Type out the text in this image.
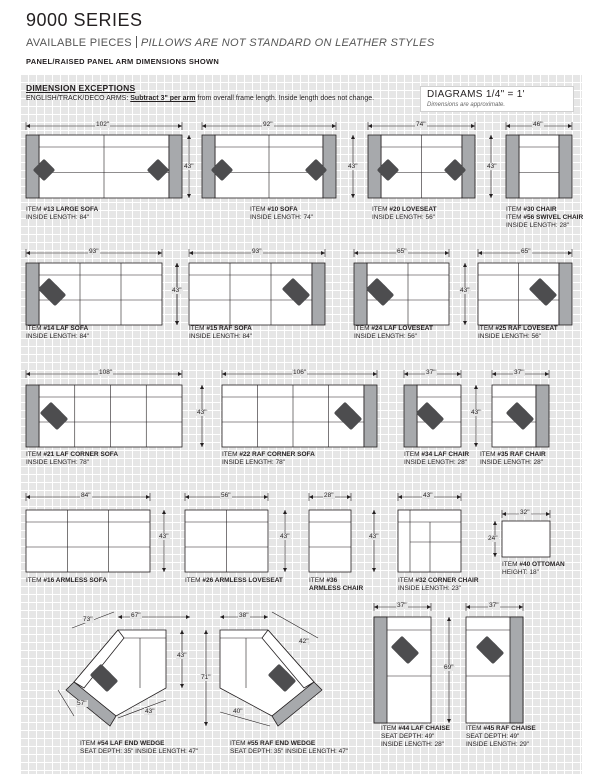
9000 SERIES
AVAILABLE PIECES PILLOWS ARE NOT STANDARD ON LEATHER STYLES
PANEL/RAISED PANEL ARM DIMENSIONS SHOWN
DIMENSION EXCEPTIONS
ENGLISH/TRACK/DECO ARMS: Subtract 3" per arm from overall frame length. Inside length does not change.	DIAGRAMS 1/4" = 1'
Dimensions are approximate.
102"
43"
ITEM #13 LARGE SOFA
INSIDE LENGTH: 84"
92"
43"
ITEM #10 SOFA
INSIDE LENGTH: 74"
74"
43"
ITEM #20 LOVESEAT
INSIDE LENGTH: 56"
46"
ITEM #30 CHAIR
ITEM #56 SWIVEL CHAIR
INSIDE LENGTH: 28"
93"
ITEM #14 LAF SOFA
INSIDE LENGTH: 84"
93"
43"
ITEM #15 RAF SOFA
INSIDE LENGTH: 84"
65"
43"
ITEM #24 LAF LOVESEAT
INSIDE LENGTH: 56"
65"
ITEM #25 RAF LOVESEAT
INSIDE LENGTH: 56"
108"
43"
ITEM #21 LAF CORNER SOFA
INSIDE LENGTH: 78"
106"
ITEM #22 RAF CORNER SOFA
INSIDE LENGTH: 78"
37"
43"
ITEM #34 LAF CHAIR
INSIDE LENGTH: 28"
37"
ITEM #35 RAF CHAIR
INSIDE LENGTH: 28"
84"
43"
ITEM #16 ARMLESS SOFA
56"
43"
ITEM #26 ARMLESS LOVESEAT
28"
43"
ITEM #36
ARMLESS CHAIR
43"
ITEM #32 CORNER CHAIR
INSIDE LENGTH: 23"
32"
24"
ITEM #40 OTTOMAN
HEIGHT: 18"
67"
73"
43"
57"
43"
ITEM #54 LAF END WEDGE
SEAT DEPTH: 35" INSIDE LENGTH: 47"
38"
42"
71"
40"
ITEM #55 RAF END WEDGE
SEAT DEPTH: 35" INSIDE LENGTH: 47"
37"
69"
ITEM #44 LAF CHAISE
SEAT DEPTH: 49"
INSIDE LENGTH: 28"
37"
ITEM #45 RAF CHAISE
SEAT DEPTH: 49"
INSIDE LENGTH: 29"
